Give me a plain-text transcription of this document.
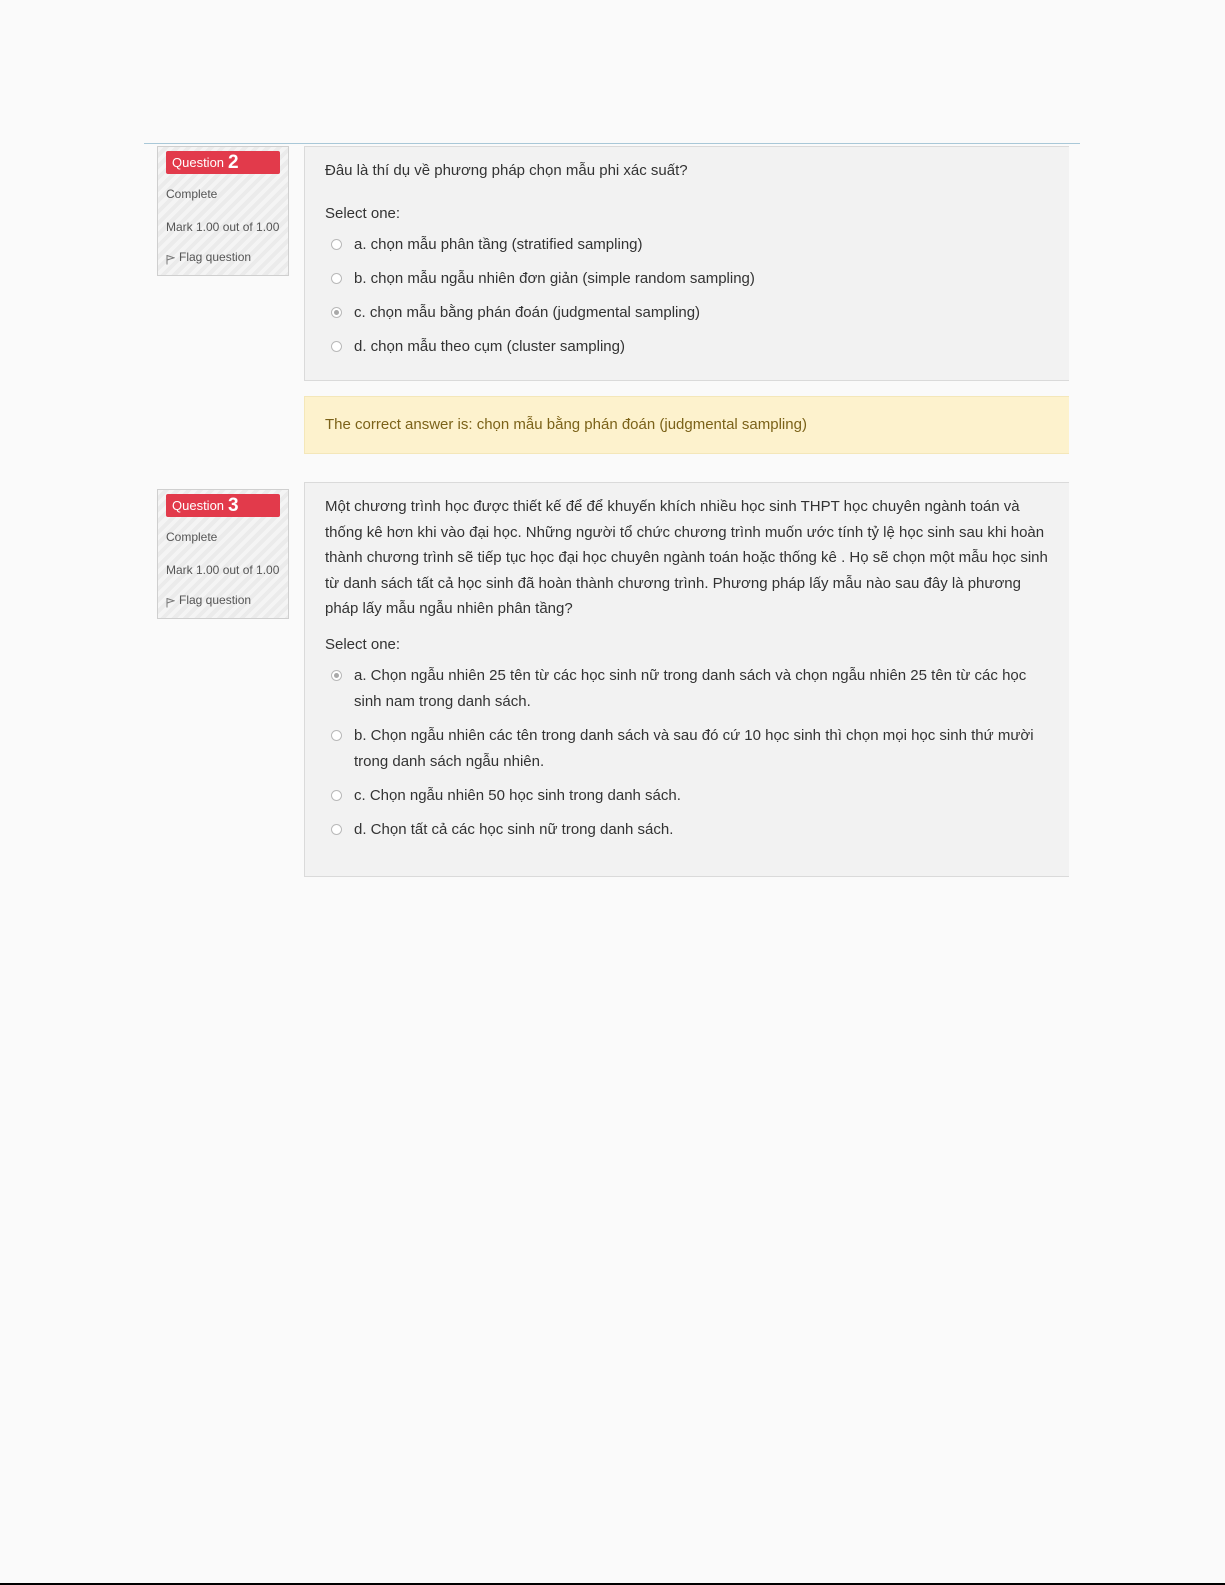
Question 2
Complete
Mark 1.00 out of 1.00
Flag question
Đâu là thí dụ về phương pháp chọn mẫu phi xác suất?
Select one:
a. chọn mẫu phân tầng (stratified sampling)
b. chọn mẫu ngẫu nhiên đơn giản (simple random sampling)
c. chọn mẫu bằng phán đoán (judgmental sampling)
d. chọn mẫu theo cụm (cluster sampling)
The correct answer is: chọn mẫu bằng phán đoán (judgmental sampling)
Question 3
Complete
Mark 1.00 out of 1.00
Flag question
Một chương trình học được thiết kế để để khuyến khích nhiều học sinh THPT học chuyên ngành toán và thống kê hơn khi vào đại học. Những người tổ chức chương trình muốn ước tính tỷ lệ học sinh sau khi hoàn thành chương trình sẽ tiếp tục học đại học chuyên ngành toán hoặc thống kê . Họ sẽ chọn một mẫu học sinh từ danh sách tất cả học sinh đã hoàn thành chương trình. Phương pháp lấy mẫu nào sau đây là phương pháp lấy mẫu ngẫu nhiên phân tầng?
Select one:
a. Chọn ngẫu nhiên 25 tên từ các học sinh nữ trong danh sách và chọn ngẫu nhiên 25 tên từ các học sinh nam trong danh sách.
b. Chọn ngẫu nhiên các tên trong danh sách và sau đó cứ 10 học sinh thì chọn mọi học sinh thứ mười trong danh sách ngẫu nhiên.
c. Chọn ngẫu nhiên 50 học sinh trong danh sách.
d. Chọn tất cả các học sinh nữ trong danh sách.
